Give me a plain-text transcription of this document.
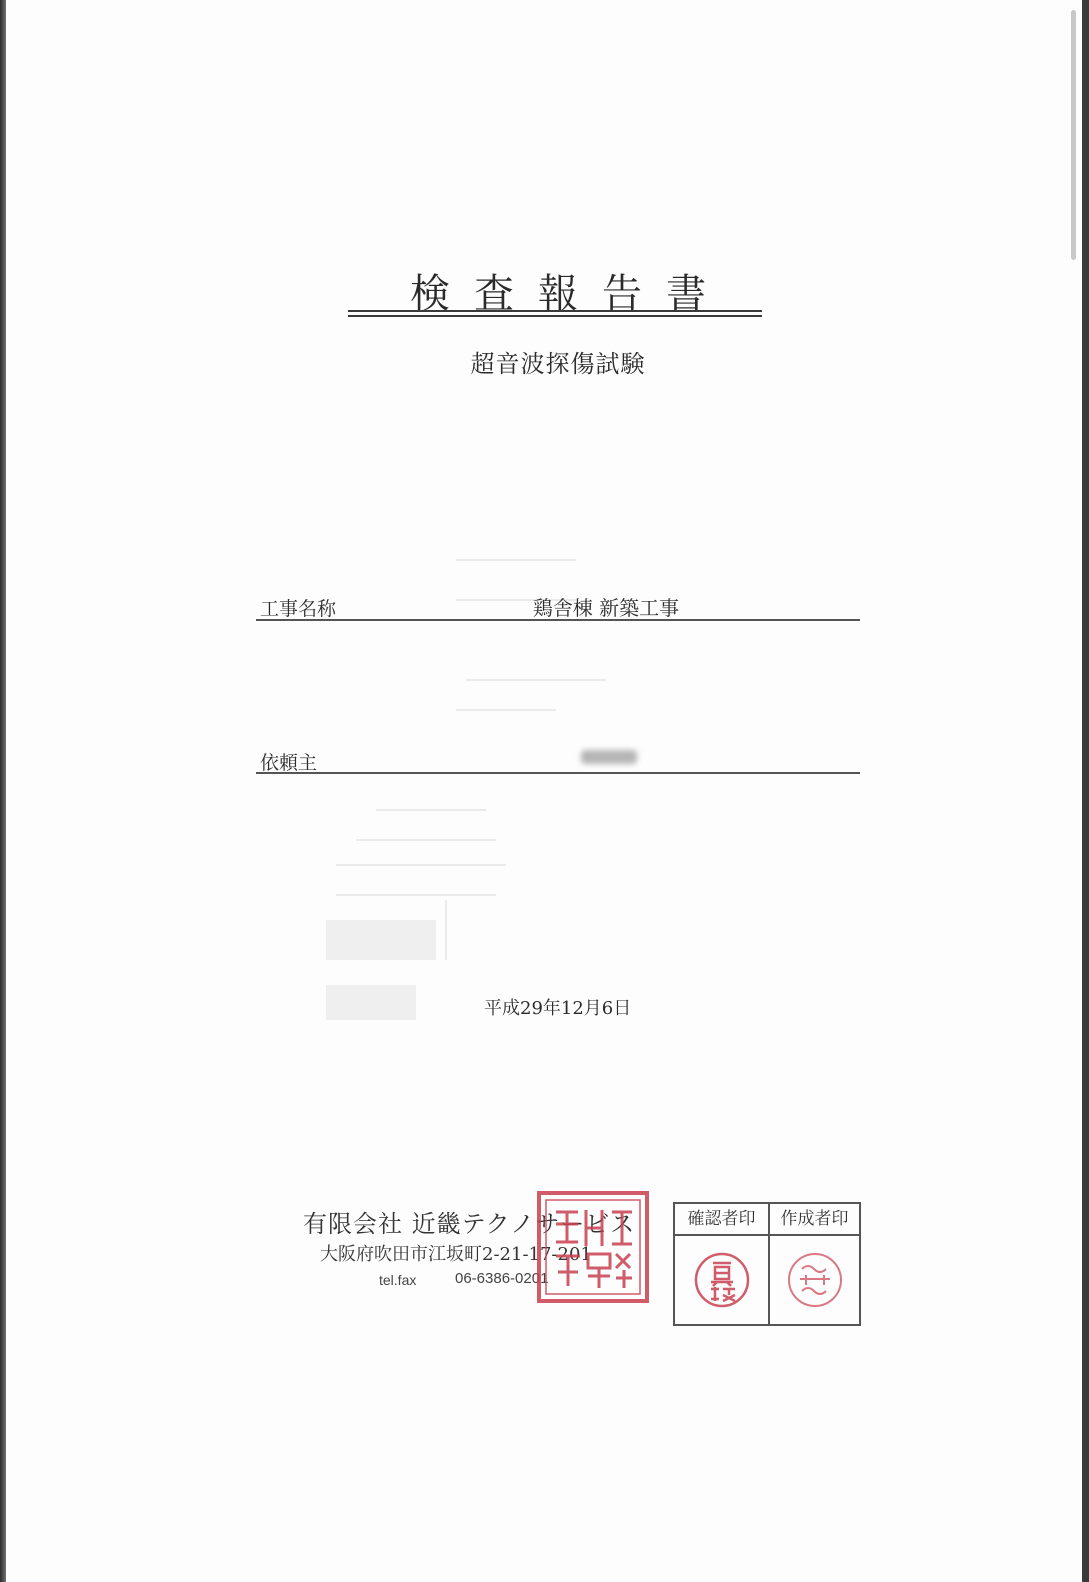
検査報告書
超音波探傷試験
工事名称	鶏舎棟 新築工事
依頼主
平成29年12月6日
有限会社 近畿テクノサービス
大阪府吹田市江坂町2-21-17-201
tel.fax	06-6386-0201
確認者印	作成者印
